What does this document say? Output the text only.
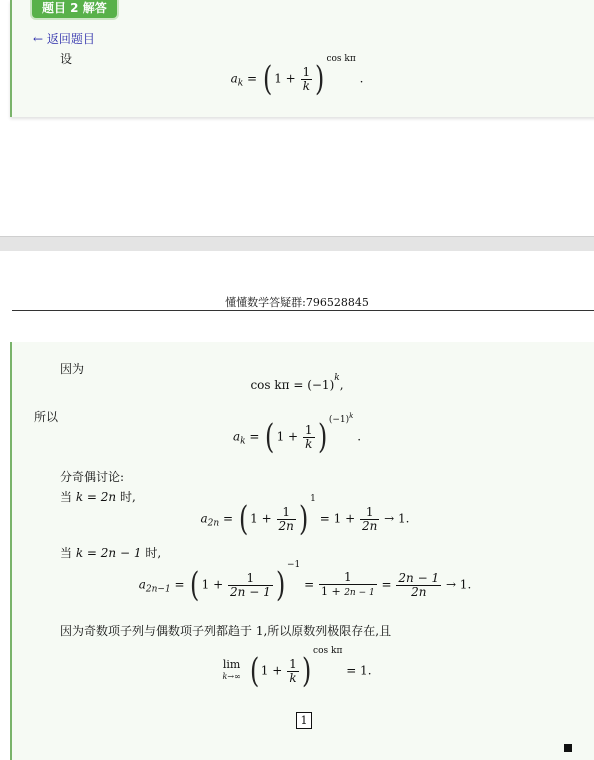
题目 2 解答
← 返回题目
设
$a_k$ = ( $1 + \frac{1}{k}$ ) $^{cos k\pi}$ .
懂懂数学答疑群:796528845
因为
$\cos k\pi = (-1)^k$,
所以
$a_k$ = ( $1 + \frac{1}{k}$ ) $^{(-1)^k}$ .
分奇偶讨论:
当 k = 2n 时,
$a_{2n}$ = ( $1 + \frac{1}{2n}$ ) $^1 = 1 + \frac{1}{2n} \to 1$.
当 k = 2n − 1 时,
$a_{2n-1}$ = ( $1 + \frac{1}{2n - 1}$ ) $^{-1} = \frac{1}{1 + 2n - 1} = \frac{2n - 1}{2n} \to 1$.
因为奇数项子列与偶数项子列都趋于 1,所以原数列极限存在,且
lim
k→∞ ( $1 + \frac{1}{k}$ ) $^{cos k\pi}$ = 1.
1
